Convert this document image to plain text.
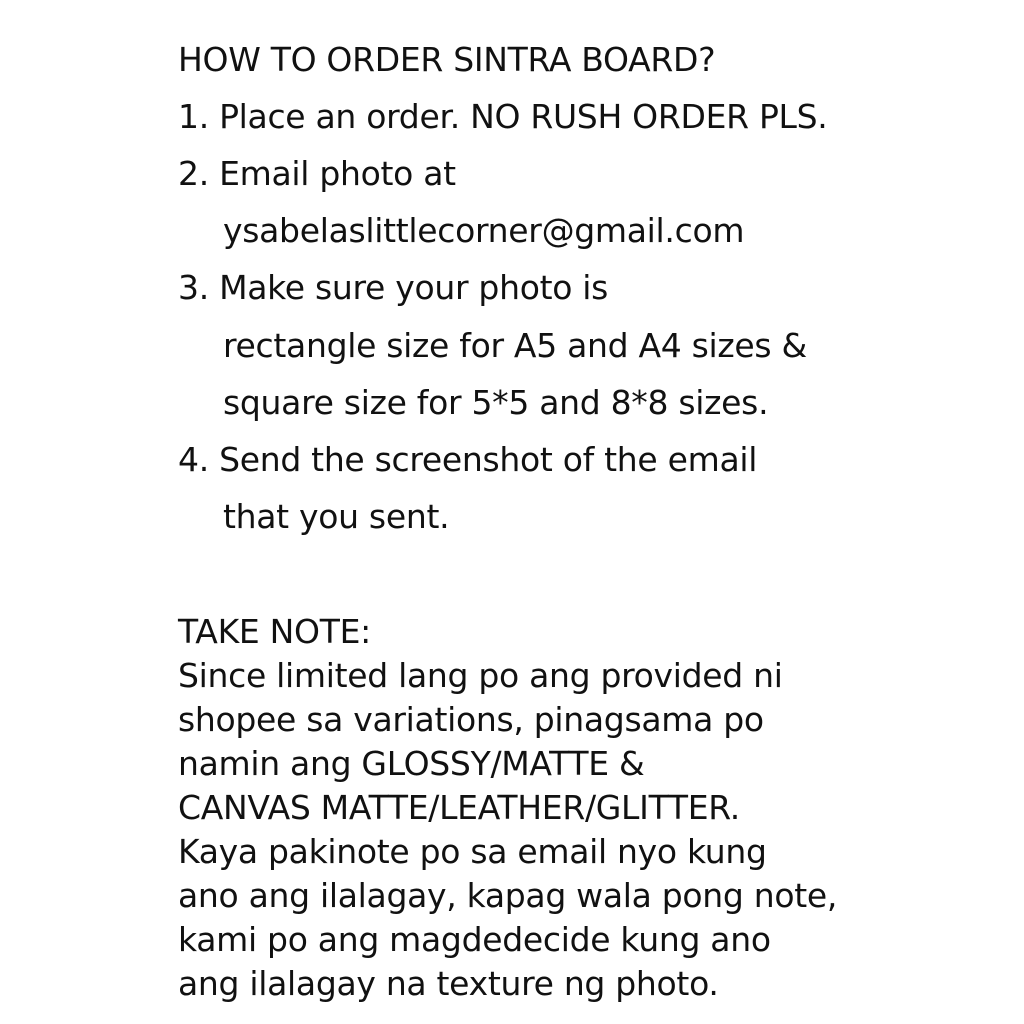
HOW TO ORDER SINTRA BOARD?
1. Place an order. NO RUSH ORDER PLS.
2. Email photo at
ysabelaslittlecorner@gmail.com
3. Make sure your photo is
rectangle size for A5 and A4 sizes &
square size for 5*5 and 8*8 sizes.
4. Send the screenshot of the email
that you sent.
TAKE NOTE:
Since limited lang po ang provided ni
shopee sa variations, pinagsama po
namin ang GLOSSY/MATTE &
CANVAS MATTE/LEATHER/GLITTER.
Kaya pakinote po sa email nyo kung
ano ang ilalagay, kapag wala pong note,
kami po ang magdedecide kung ano
ang ilalagay na texture ng photo.
